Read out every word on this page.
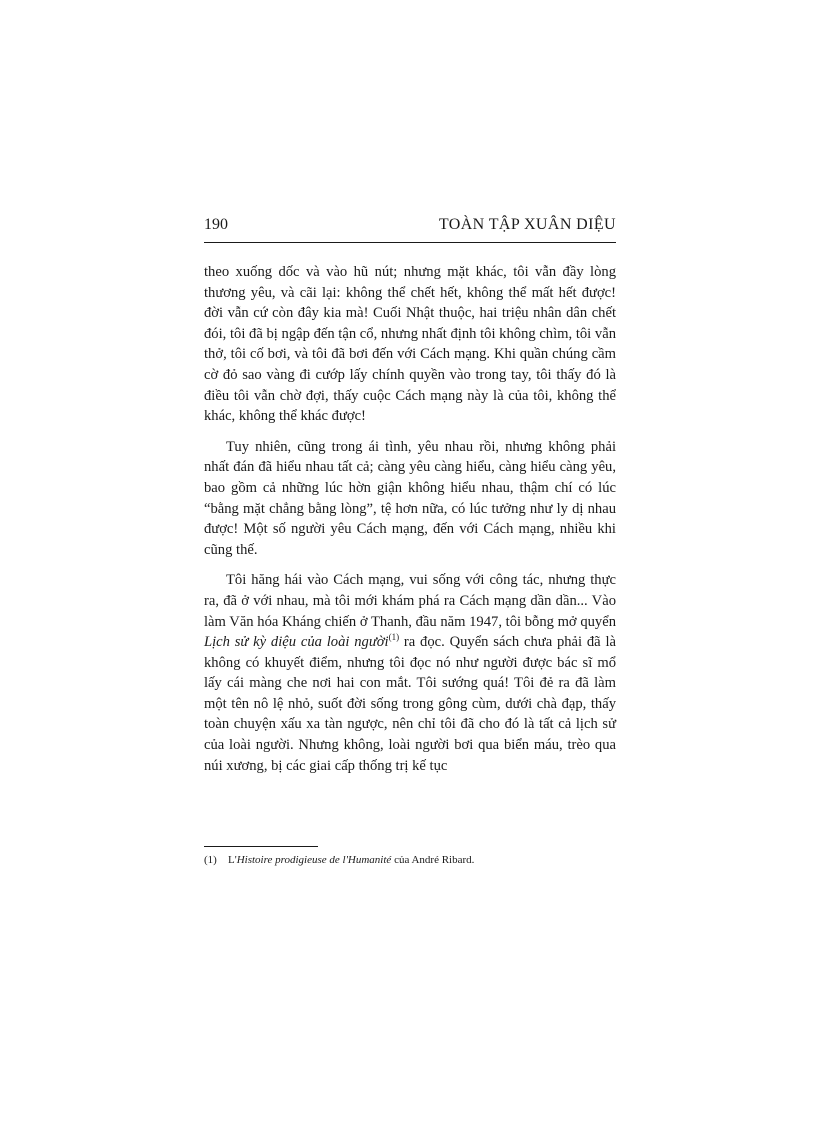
190	TOÀN TẬP XUÂN DIỆU

theo xuống dốc và vào hũ nút; nhưng mặt khác, tôi vẫn đầy lòng thương yêu, và cãi lại: không thể chết hết, không thể mất hết được! đời vẫn cứ còn đây kia mà! Cuối Nhật thuộc, hai triệu nhân dân chết đói, tôi đã bị ngập đến tận cổ, nhưng nhất định tôi không chìm, tôi vẫn thở, tôi cố bơi, và tôi đã bơi đến với Cách mạng. Khi quần chúng cầm cờ đỏ sao vàng đi cướp lấy chính quyền vào trong tay, tôi thấy đó là điều tôi vẫn chờ đợi, thấy cuộc Cách mạng này là của tôi, không thể khác, không thể khác được!

Tuy nhiên, cũng trong ái tình, yêu nhau rồi, nhưng không phải nhất đán đã hiểu nhau tất cả; càng yêu càng hiểu, càng hiểu càng yêu, bao gồm cả những lúc hờn giận không hiểu nhau, thậm chí có lúc “bằng mặt chẳng bằng lòng”, tệ hơn nữa, có lúc tưởng như ly dị nhau được! Một số người yêu Cách mạng, đến với Cách mạng, nhiều khi cũng thế.

Tôi hăng hái vào Cách mạng, vui sống với công tác, nhưng thực ra, đã ở với nhau, mà tôi mới khám phá ra Cách mạng dần dần... Vào làm Văn hóa Kháng chiến ở Thanh, đầu năm 1947, tôi bỗng mở quyển Lịch sử kỳ diệu của loài người$^{(1)}$ ra đọc. Quyển sách chưa phải đã là không có khuyết điểm, nhưng tôi đọc nó như người được bác sĩ mổ lấy cái màng che nơi hai con mắt. Tôi sướng quá! Tôi đẻ ra đã làm một tên nô lệ nhỏ, suốt đời sống trong gông cùm, dưới chà đạp, thấy toàn chuyện xấu xa tàn ngược, nên chỉ tôi đã cho đó là tất cả lịch sử của loài người. Nhưng không, loài người bơi qua biển máu, trèo qua núi xương, bị các giai cấp thống trị kế tục

(1) L'Histoire prodigieuse de l'Humanité của André Ribard.
